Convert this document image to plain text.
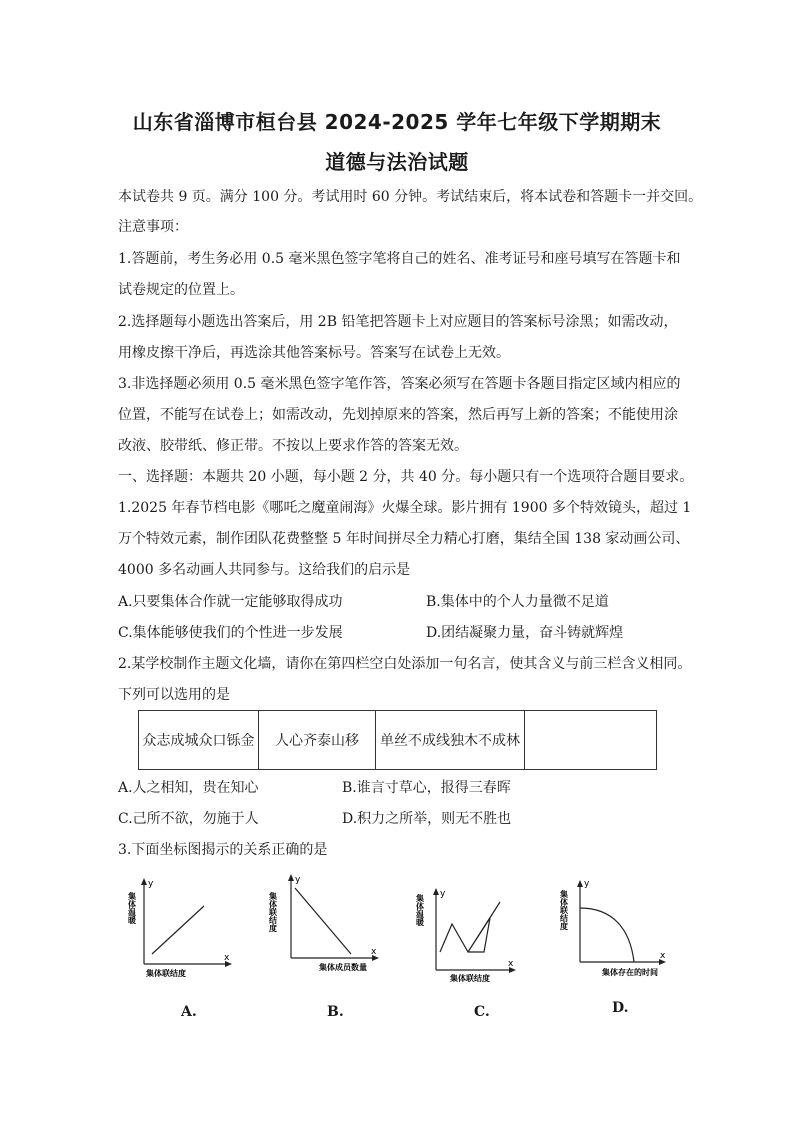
山东省淄博市桓台县 2024-2025 学年七年级下学期期末
道德与法治试题
本试卷共 9 页。满分 100 分。考试用时 60 分钟。考试结束后，将本试卷和答题卡一并交回。
注意事项：
1.答题前，考生务必用 0.5 毫米黑色签字笔将自己的姓名、准考证号和座号填写在答题卡和
试卷规定的位置上。
2.选择题每小题选出答案后，用 2B 铅笔把答题卡上对应题目的答案标号涂黑；如需改动，
用橡皮擦干净后，再选涂其他答案标号。答案写在试卷上无效。
3.非选择题必须用 0.5 毫米黑色签字笔作答，答案必须写在答题卡各题目指定区域内相应的
位置，不能写在试卷上；如需改动，先划掉原来的答案，然后再写上新的答案；不能使用涂
改液、胶带纸、修正带。不按以上要求作答的答案无效。
一、选择题：本题共 20 小题，每小题 2 分，共 40 分。每小题只有一个选项符合题目要求。
1.2025 年春节档电影《哪吒之魔童闹海》火爆全球。影片拥有 1900 多个特效镜头，超过 1
万个特效元素，制作团队花费整整 5 年时间拼尽全力精心打磨，集结全国 138 家动画公司、
4000 多名动画人共同参与。这给我们的启示是
A.只要集体合作就一定能够取得成功	B.集体中的个人力量微不足道
C.集体能够使我们的个性进一步发展	D.团结凝聚力量，奋斗铸就辉煌
2.某学校制作主题文化墙，请你在第四栏空白处添加一句名言，使其含义与前三栏含义相同。
下列可以选用的是
众志成城众口铄金	人心齐泰山移	单丝不成线独木不成林	
A.人之相知，贵在知心	B.谁言寸草心，报得三春晖
C.己所不欲，勿施于人	D.积力之所举，则无不胜也
3.下面坐标图揭示的关系正确的是
y
x
集体联结度
集体温暖
A.
y
x
集体成员数量
集体联结度
B.
y
x
集体联结度
集体温暖
C.
y
x
集体存在的时间
集体联结度
D.
